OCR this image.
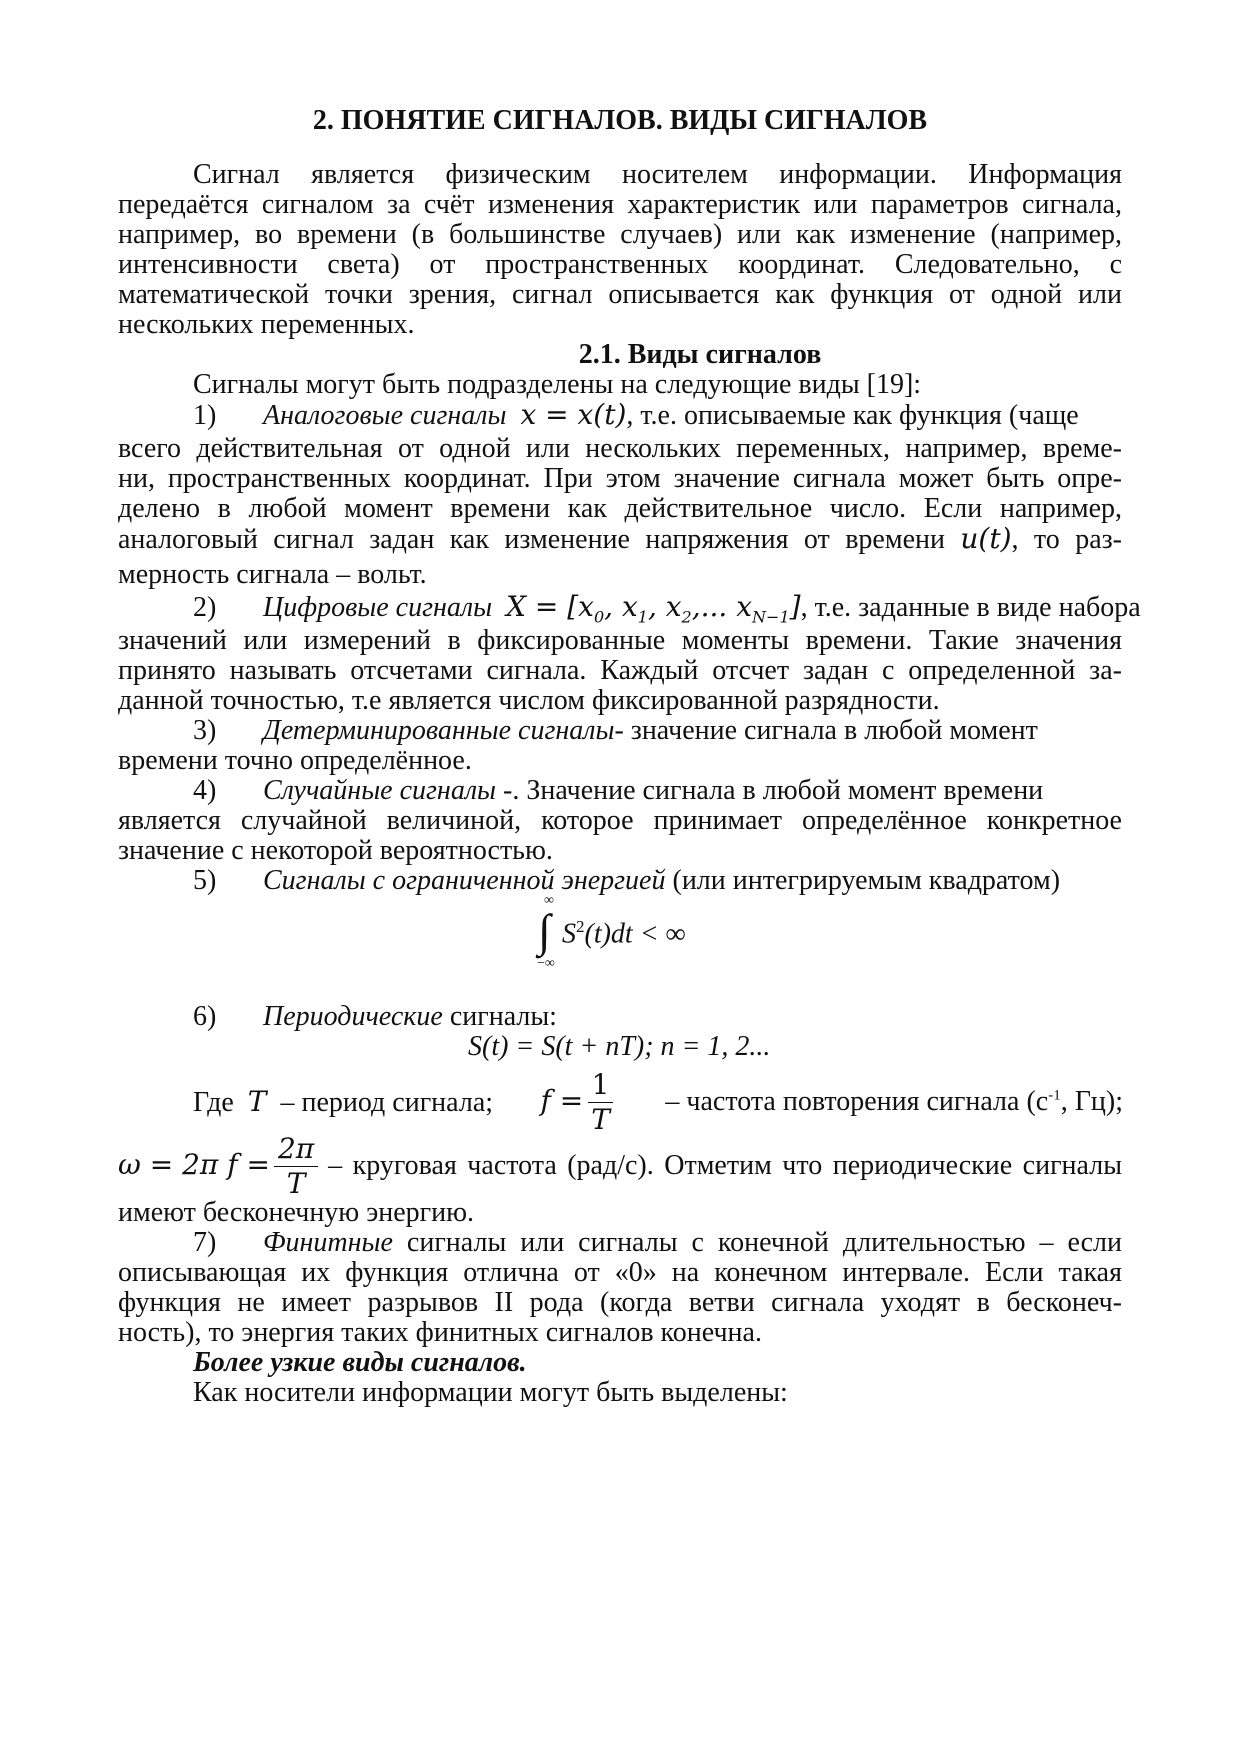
2. ПОНЯТИЕ СИГНАЛОВ. ВИДЫ СИГНАЛОВ
Сигнал является физическим носителем информации. Информация
передаётся сигналом за счёт изменения характеристик или параметров сигнала,
например, во времени (в большинстве случаев) или как изменение (например,
интенсивности света) от пространственных координат. Следовательно, с
математической точки зрения, сигнал описывается как функция от одной или
нескольких переменных.
2.1. Виды сигналов
Сигналы могут быть подразделены на следующие виды [19]:
1) Аналоговые сигналы x = x(t), т.е. описываемые как функция (чаще
всего действительная от одной или нескольких переменных, например, време-
ни, пространственных координат. При этом значение сигнала может быть опре-
делено в любой момент времени как действительное число. Если например,
аналоговый сигнал задан как изменение напряжения от времени u(t), то раз-
мерность сигнала – вольт.
2) Цифровые сигналы $X = [x_0$, $x_1$, $x_2$,... $x_{N-1}$], т.е. заданные в виде набора
значений или измерений в фиксированные моменты времени. Такие значения
принято называть отсчетами сигнала. Каждый отсчет задан с определенной за-
данной точностью, т.е является числом фиксированной разрядности.
3) Детерминированные сигналы- значение сигнала в любой момент
времени точно определённое.
4) Случайные сигналы -. Значение сигнала в любой момент времени
является случайной величиной, которое принимает определённое конкретное
значение с некоторой вероятностью.
5) Сигналы с ограниченной энергией (или интегрируемым квадратом)
∞
∫
−∞
$S^2(t)dt$ < ∞
6) Периодические сигналы:
S(t) = S(t + nT); n = 1, 2...
Где T – период сигнала; $f = \frac{1}{T}$ – частота повторения сигнала ($с^{-1}$, Гц);
ω = 2π $f = \frac{2\pi}{T}$ – круговая частота (рад/с). Отметим что периодические сигналы
имеют бесконечную энергию.
7) Финитные сигналы или сигналы с конечной длительностью – если
описывающая их функция отлична от «0» на конечном интервале. Если такая
функция не имеет разрывов II рода (когда ветви сигнала уходят в бесконеч-
ность), то энергия таких финитных сигналов конечна.
Более узкие виды сигналов.
Как носители информации могут быть выделены:
